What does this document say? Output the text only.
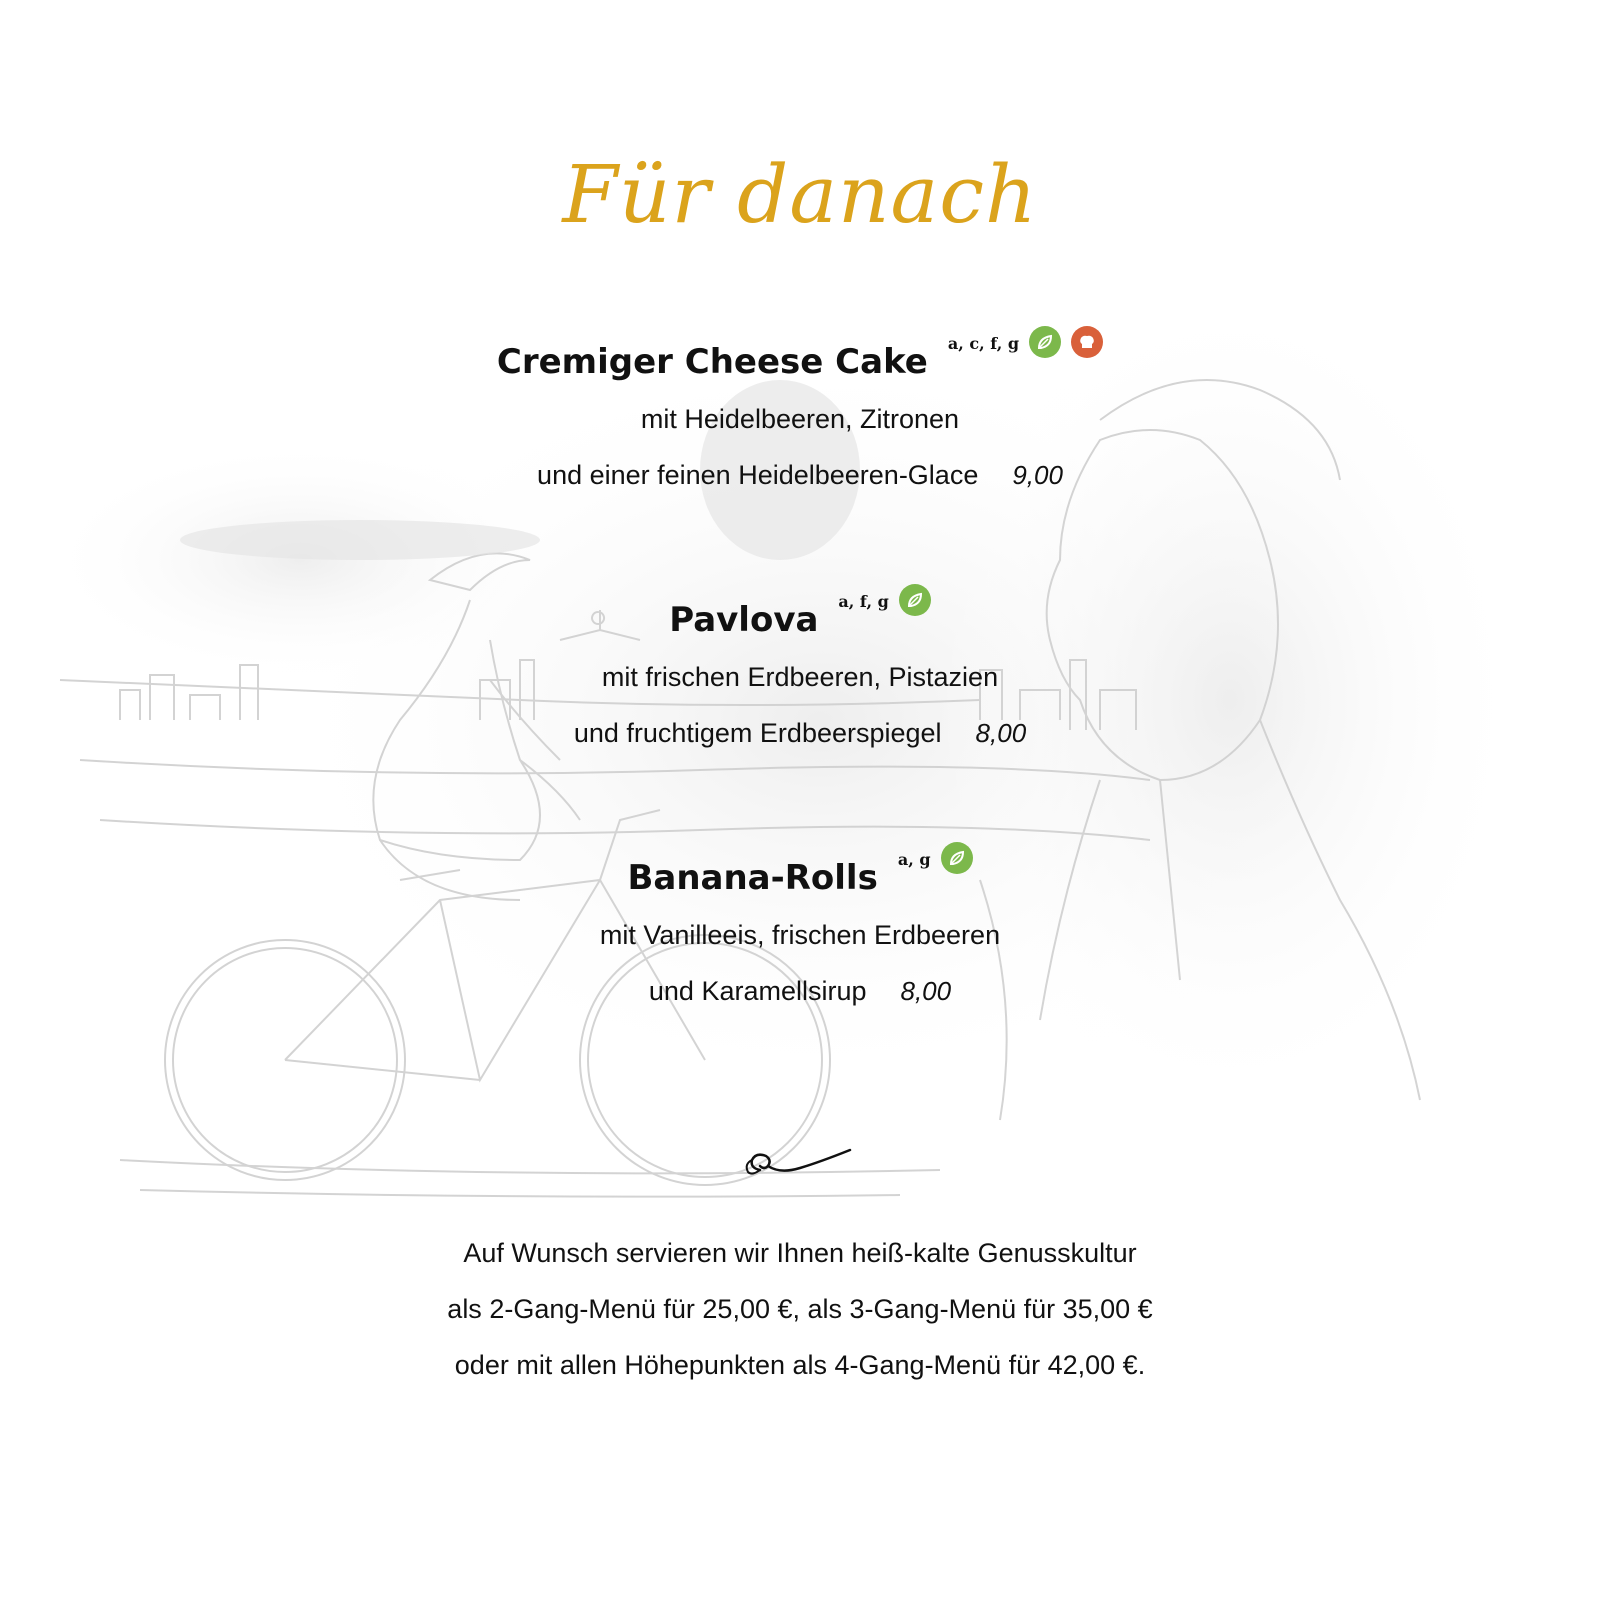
Für danach
Cremiger Cheese Cake a, c, f, g
mit Heidelbeeren, Zitronen
und einer feinen Heidelbeeren-Glace 9,00
Pavlova a, f, g
mit frischen Erdbeeren, Pistazien
und fruchtigem Erdbeerspiegel 8,00
Banana-Rolls a, g
mit Vanilleeis, frischen Erdbeeren
und Karamellsirup 8,00
Auf Wunsch servieren wir Ihnen heiß-kalte Genusskultur
als 2-Gang-Menü für 25,00 €, als 3-Gang-Menü für 35,00 €
oder mit allen Höhepunkten als 4-Gang-Menü für 42,00 €.
